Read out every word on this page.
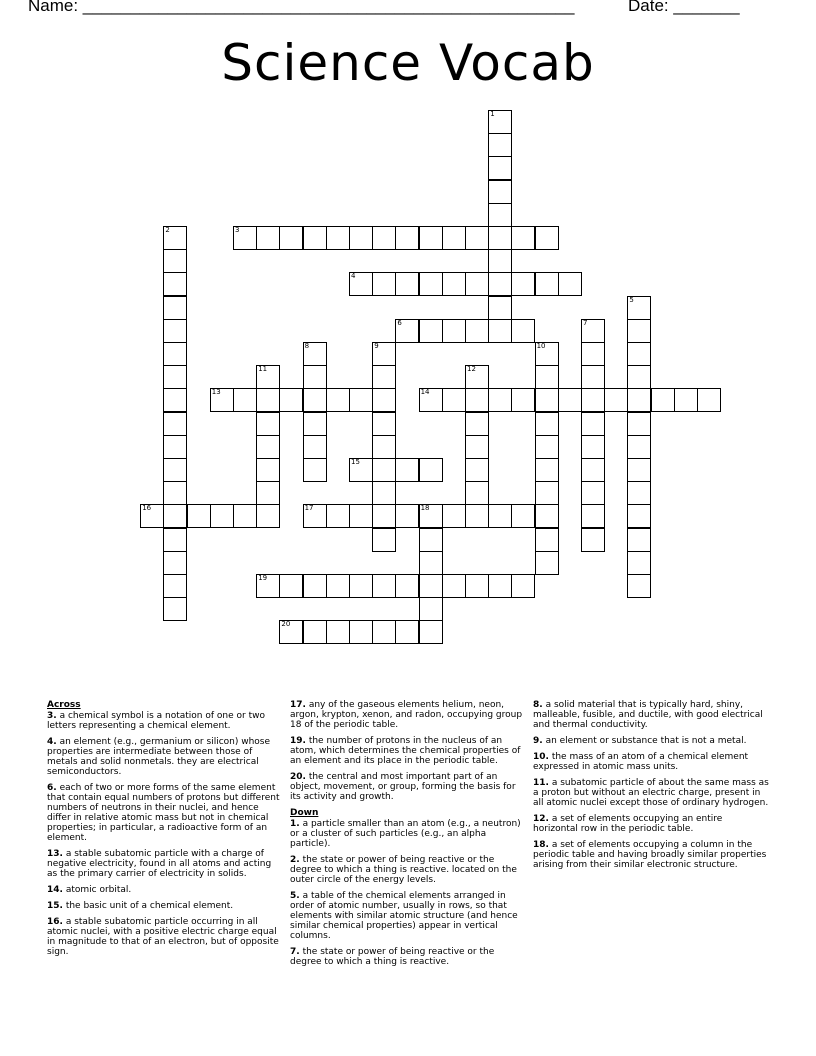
Name: ____________________________________________________	Date: _______
Science Vocab
1
2	3
4
5
6	7
8	9	10
11	12
13	14
15
16	17	18
19
20
Across
3. a chemical symbol is a notation of one or two letters representing a chemical element.
4. an element (e.g., germanium or silicon) whose properties are intermediate between those of metals and solid nonmetals. they are electrical semiconductors.
6. each of two or more forms of the same element that contain equal numbers of protons but different numbers of neutrons in their nuclei, and hence differ in relative atomic mass but not in chemical properties; in particular, a radioactive form of an element.
13. a stable subatomic particle with a charge of negative electricity, found in all atoms and acting as the primary carrier of electricity in solids.
14. atomic orbital.
15. the basic unit of a chemical element.
16. a stable subatomic particle occurring in all atomic nuclei, with a positive electric charge equal in magnitude to that of an electron, but of opposite sign.
17. any of the gaseous elements helium, neon, argon, krypton, xenon, and radon, occupying group 18 of the periodic table.
19. the number of protons in the nucleus of an atom, which determines the chemical properties of an element and its place in the periodic table.
20. the central and most important part of an object, movement, or group, forming the basis for its activity and growth.
Down
1. a particle smaller than an atom (e.g., a neutron) or a cluster of such particles (e.g., an alpha particle).
2. the state or power of being reactive or the degree to which a thing is reactive. located on the outer circle of the energy levels.
5. a table of the chemical elements arranged in order of atomic number, usually in rows, so that elements with similar atomic structure (and hence similar chemical properties) appear in vertical columns.
7. the state or power of being reactive or the degree to which a thing is reactive.
8. a solid material that is typically hard, shiny, malleable, fusible, and ductile, with good electrical and thermal conductivity.
9. an element or substance that is not a metal.
10. the mass of an atom of a chemical element expressed in atomic mass units.
11. a subatomic particle of about the same mass as a proton but without an electric charge, present in all atomic nuclei except those of ordinary hydrogen.
12. a set of elements occupying an entire horizontal row in the periodic table.
18. a set of elements occupying a column in the periodic table and having broadly similar properties arising from their similar electronic structure.
